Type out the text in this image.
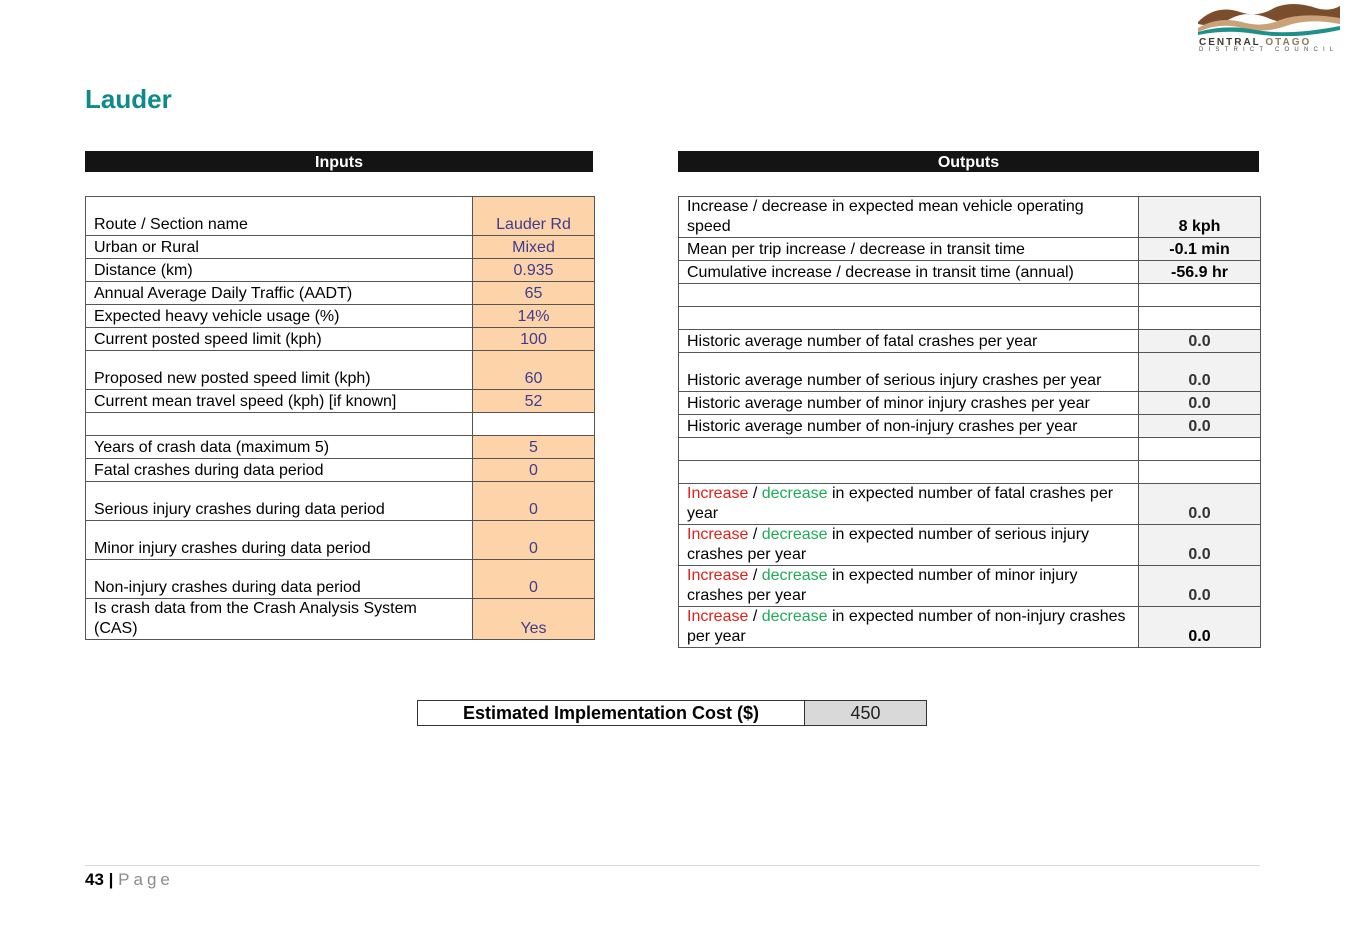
CENTRAL OTAGO
DISTRICT COUNCIL
Lauder
Inputs	Outputs
Route / Section name	Lauder Rd
Urban or Rural	Mixed
Distance (km)	0.935
Annual Average Daily Traffic (AADT)	65
Expected heavy vehicle usage (%)	14%
Current posted speed limit (kph)	100
Proposed new posted speed limit (kph)	60
Current mean travel speed (kph) [if known]	52

Years of crash data (maximum 5)	5
Fatal crashes during data period	0
Serious injury crashes during data period	0
Minor injury crashes during data period	0
Non-injury crashes during data period	0
Is crash data from the Crash Analysis System (CAS)	Yes
Increase / decrease in expected mean vehicle operating speed	8 kph
Mean per trip increase / decrease in transit time	-0.1 min
Cumulative increase / decrease in transit time (annual)	-56.9 hr

Historic average number of fatal crashes per year	0.0
Historic average number of serious injury crashes per year	0.0
Historic average number of minor injury crashes per year	0.0
Historic average number of non-injury crashes per year	0.0

Increase / decrease in expected number of fatal crashes per year	0.0
Increase / decrease in expected number of serious injury crashes per year	0.0
Increase / decrease in expected number of minor injury crashes per year	0.0
Increase / decrease in expected number of non-injury crashes per year	0.0
Estimated Implementation Cost ($)	450
43 | Page
